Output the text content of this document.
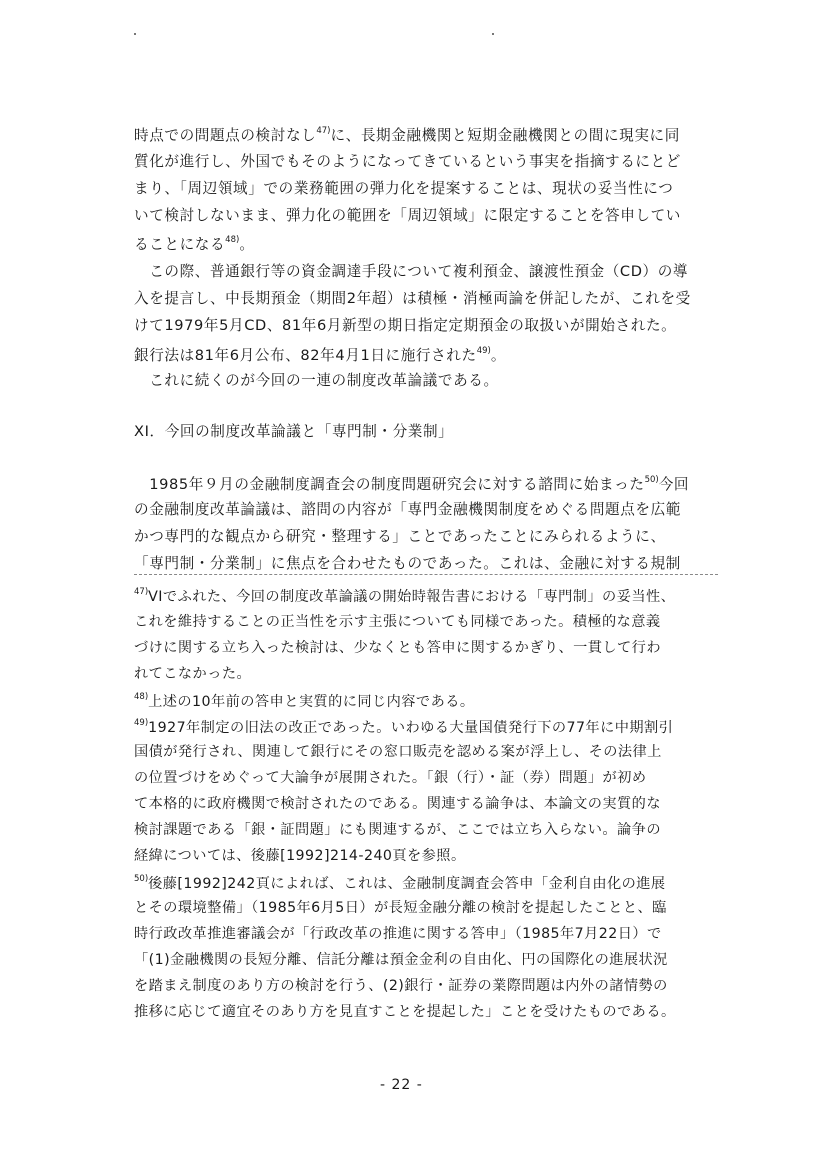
時点での問題点の検討なし$^{47)}$に、長期金融機関と短期金融機関との間に現実に同
質化が進行し、外国でもそのようになってきているという事実を指摘するにとど
まり、「周辺領域」での業務範囲の弾力化を提案することは、現状の妥当性につ
いて検討しないまま、弾力化の範囲を「周辺領域」に限定することを答申してい
ることになる$^{48)}$。
　この際、普通銀行等の資金調達手段について複利預金、譲渡性預金（CD）の導
入を提言し、中長期預金（期間2年超）は積極・消極両論を併記したが、これを受
けて1979年5月CD、81年6月新型の期日指定定期預金の取扱いが開始された。
銀行法は81年6月公布、82年4月1日に施行された$^{49)}$。
　これに続くのが今回の一連の制度改革論議である。
XI．今回の制度改革論議と「専門制・分業制」
　1985年９月の金融制度調査会の制度問題研究会に対する諮問に始まった$^{50)}$今回
の金融制度改革論議は、諮問の内容が「専門金融機関制度をめぐる問題点を広範
かつ専門的な観点から研究・整理する」ことであったことにみられるように、
「専門制・分業制」に焦点を合わせたものであった。これは、金融に対する規制
$^{47)}$VIでふれた、今回の制度改革論議の開始時報告書における「専門制」の妥当性、
これを維持することの正当性を示す主張についても同様であった。積極的な意義
づけに関する立ち入った検討は、少なくとも答申に関するかぎり、一貫して行わ
れてこなかった。
$^{48)}$上述の10年前の答申と実質的に同じ内容である。
$^{49)}$1927年制定の旧法の改正であった。いわゆる大量国債発行下の77年に中期割引
国債が発行され、関連して銀行にその窓口販売を認める案が浮上し、その法律上
の位置づけをめぐって大論争が展開された。「銀（行）・証（券）問題」が初め
て本格的に政府機関で検討されたのである。関連する論争は、本論文の実質的な
検討課題である「銀・証問題」にも関連するが、ここでは立ち入らない。論争の
経緯については、後藤[1992]214-240頁を参照。
$^{50)}$後藤[1992]242頁によれば、これは、金融制度調査会答申「金利自由化の進展
とその環境整備」（1985年6月5日）が長短金融分離の検討を提起したことと、臨
時行政改革推進審議会が「行政改革の推進に関する答申」（1985年7月22日）で
「(1)金融機関の長短分離、信託分離は預金金利の自由化、円の国際化の進展状況
を踏まえ制度のあり方の検討を行う、(2)銀行・証券の業際問題は内外の諸情勢の
推移に応じて適宜そのあり方を見直すことを提起した」ことを受けたものである。
- 22 -
